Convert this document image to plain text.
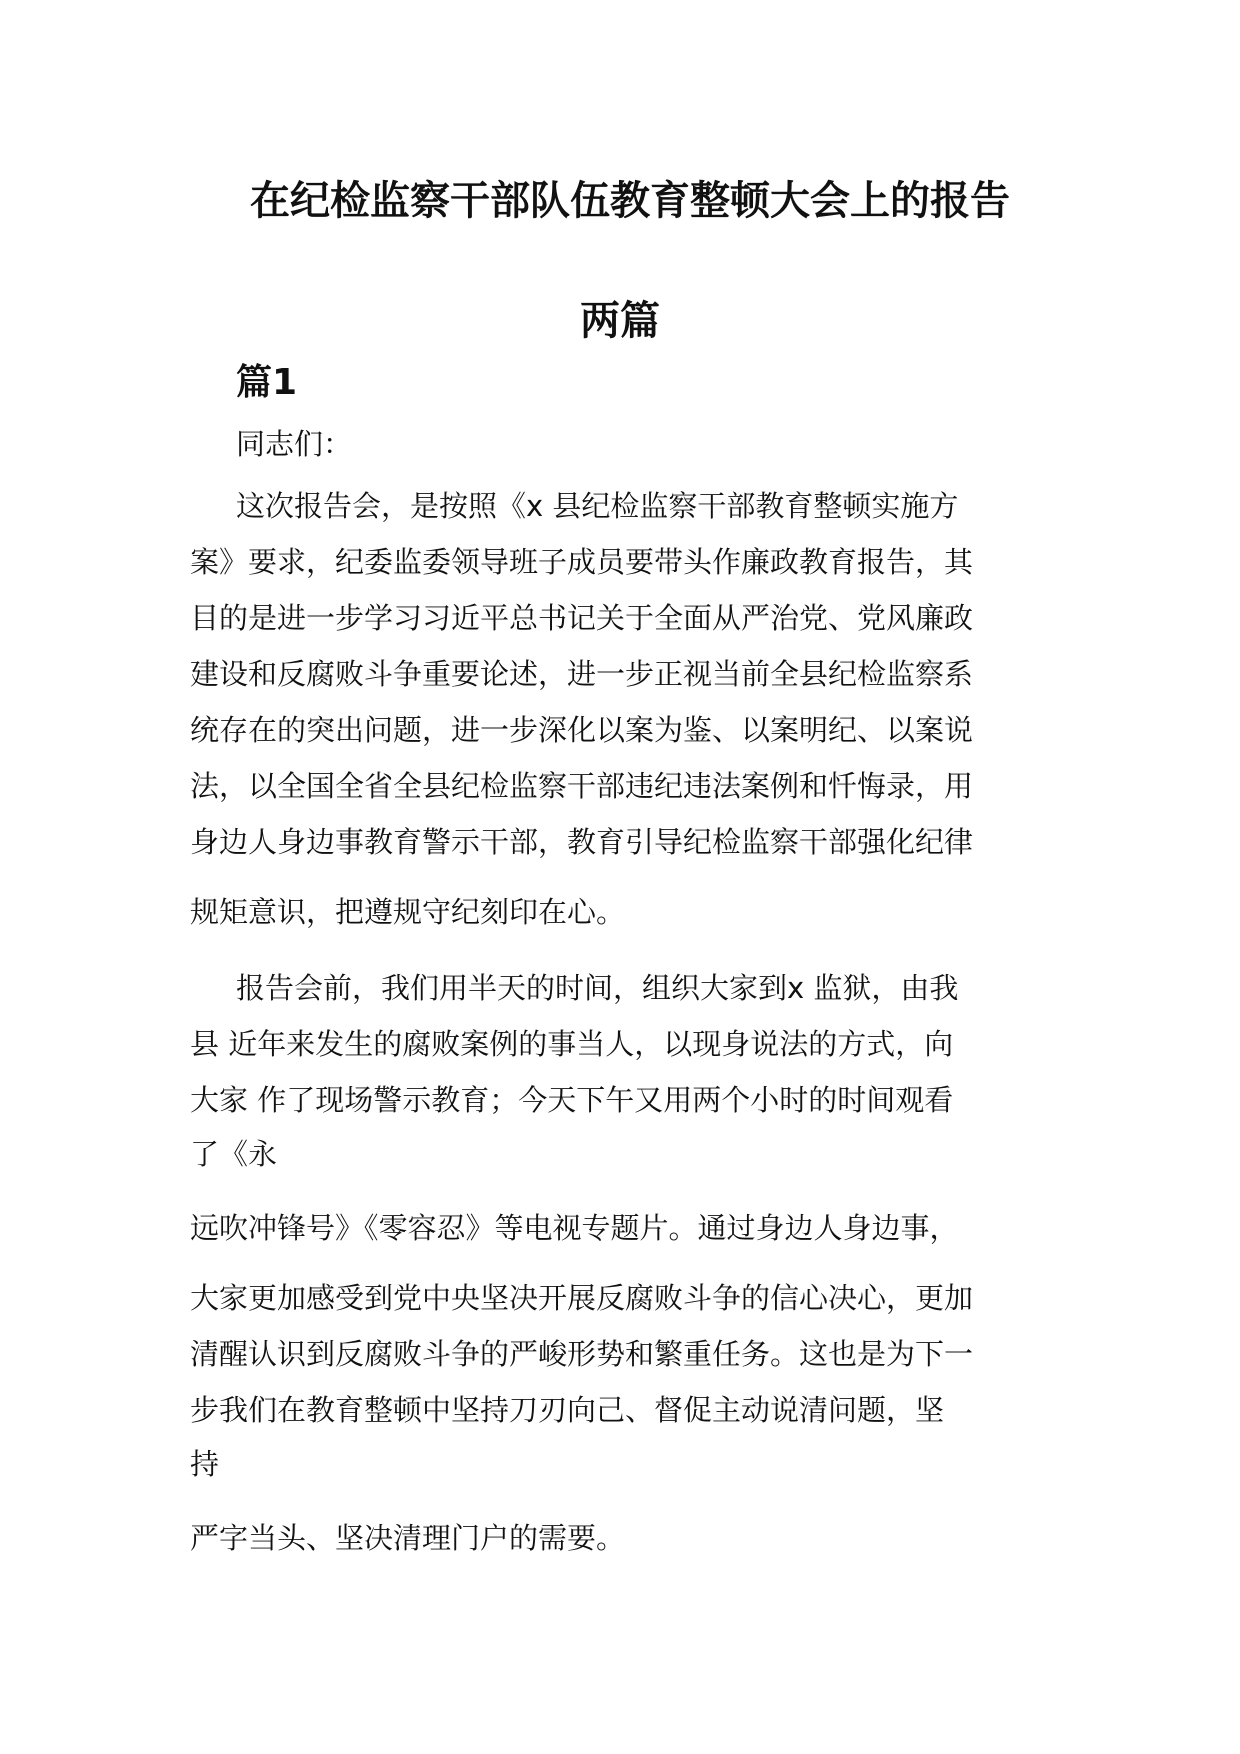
在纪检监察干部队伍教育整顿大会上的报告
两篇
篇1
同志们：
这次报告会，是按照《x 县纪检监察干部教育整顿实施方
案》要求，纪委监委领导班子成员要带头作廉政教育报告，其
目的是进一步学习习近平总书记关于全面从严治党、党风廉政
建设和反腐败斗争重要论述，进一步正视当前全县纪检监察系
统存在的突出问题，进一步深化以案为鉴、以案明纪、以案说
法，以全国全省全县纪检监察干部违纪违法案例和忏悔录，用
身边人身边事教育警示干部，教育引导纪检监察干部强化纪律
规矩意识，把遵规守纪刻印在心。
报告会前，我们用半天的时间，组织大家到x 监狱，由我
县 近年来发生的腐败案例的事当人，以现身说法的方式，向
大家 作了现场警示教育；今天下午又用两个小时的时间观看
了《永
远吹冲锋号》《零容忍》等电视专题片。通过身边人身边事，
大家更加感受到党中央坚决开展反腐败斗争的信心决心，更加
清醒认识到反腐败斗争的严峻形势和繁重任务。这也是为下一
步我们在教育整顿中坚持刀刃向己、督促主动说清问题，坚
持
严字当头、坚决清理门户的需要。
